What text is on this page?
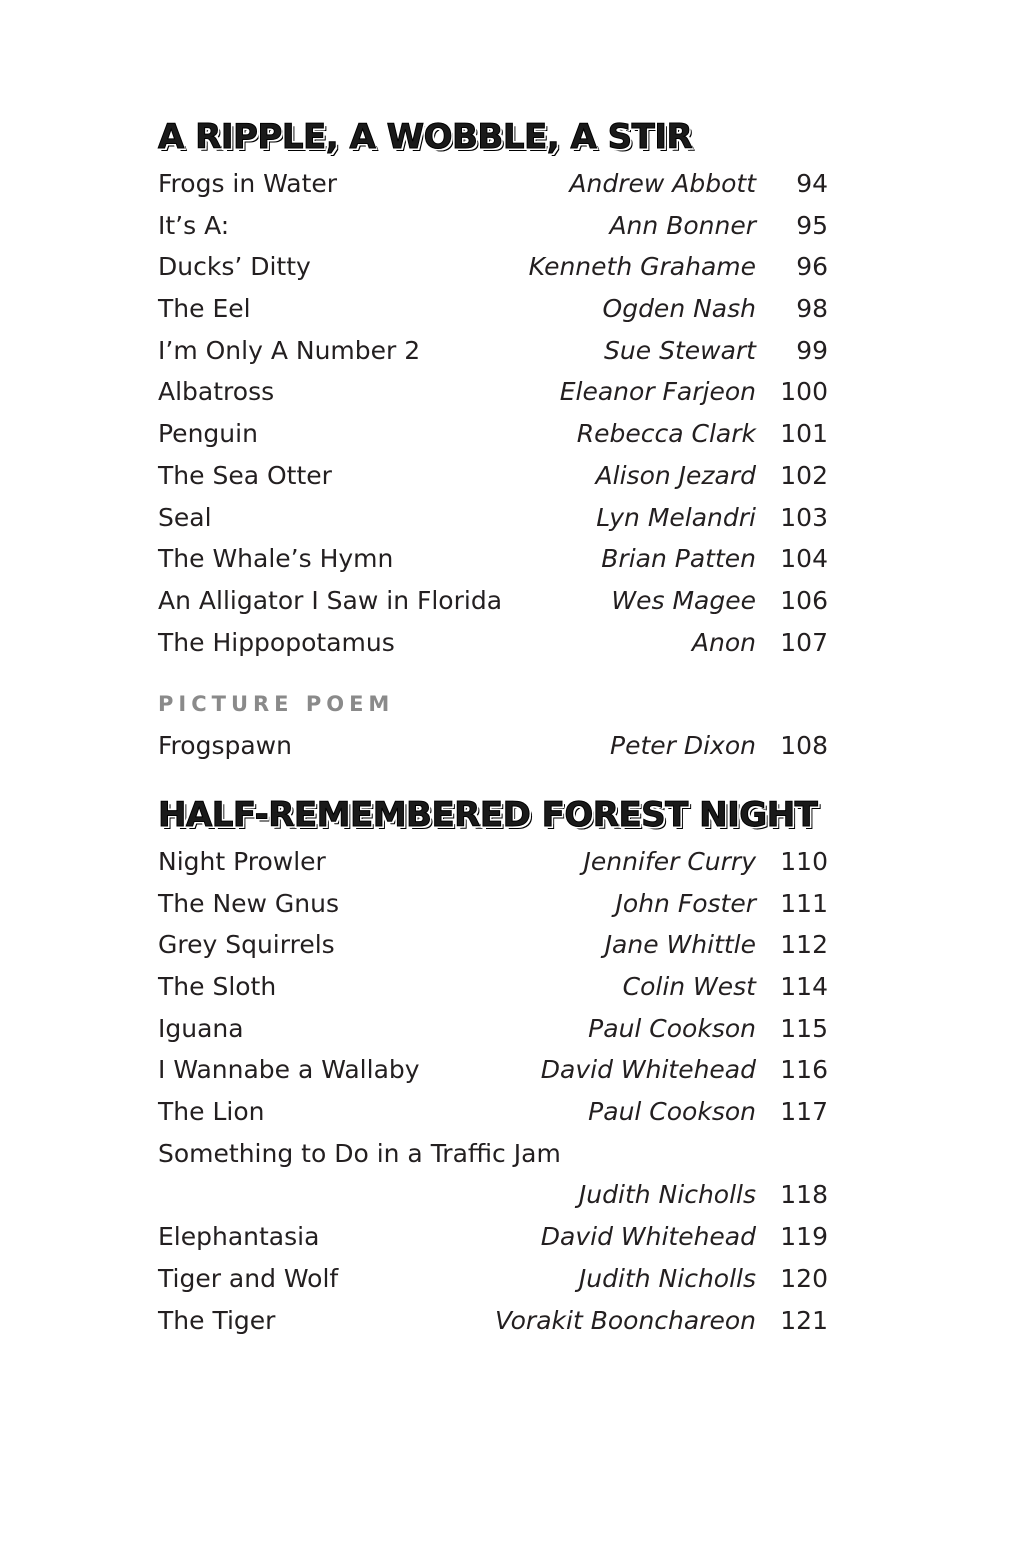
A RIPPLE, A WOBBLE, A STIR
Frogs in Water	Andrew Abbott 94
It’s A:	Ann Bonner 95
Ducks’ Ditty	Kenneth Grahame 96
The Eel	Ogden Nash 98
I’m Only A Number 2	Sue Stewart 99
Albatross	Eleanor Farjeon 100
Penguin	Rebecca Clark 101
The Sea Otter	Alison Jezard 102
Seal	Lyn Melandri 103
The Whale’s Hymn	Brian Patten 104
An Alligator I Saw in Florida	Wes Magee 106
The Hippopotamus	Anon 107
PICTURE POEM
Frogspawn	Peter Dixon 108
HALF-REMEMBERED FOREST NIGHT
Night Prowler	Jennifer Curry 110
The New Gnus	John Foster 111
Grey Squirrels	Jane Whittle 112
The Sloth	Colin West 114
Iguana	Paul Cookson 115
I Wannabe a Wallaby	David Whitehead 116
The Lion	Paul Cookson 117
Something to Do in a Traffic Jam
Judith Nicholls 118
Elephantasia	David Whitehead 119
Tiger and Wolf	Judith Nicholls 120
The Tiger	Vorakit Boonchareon 121
